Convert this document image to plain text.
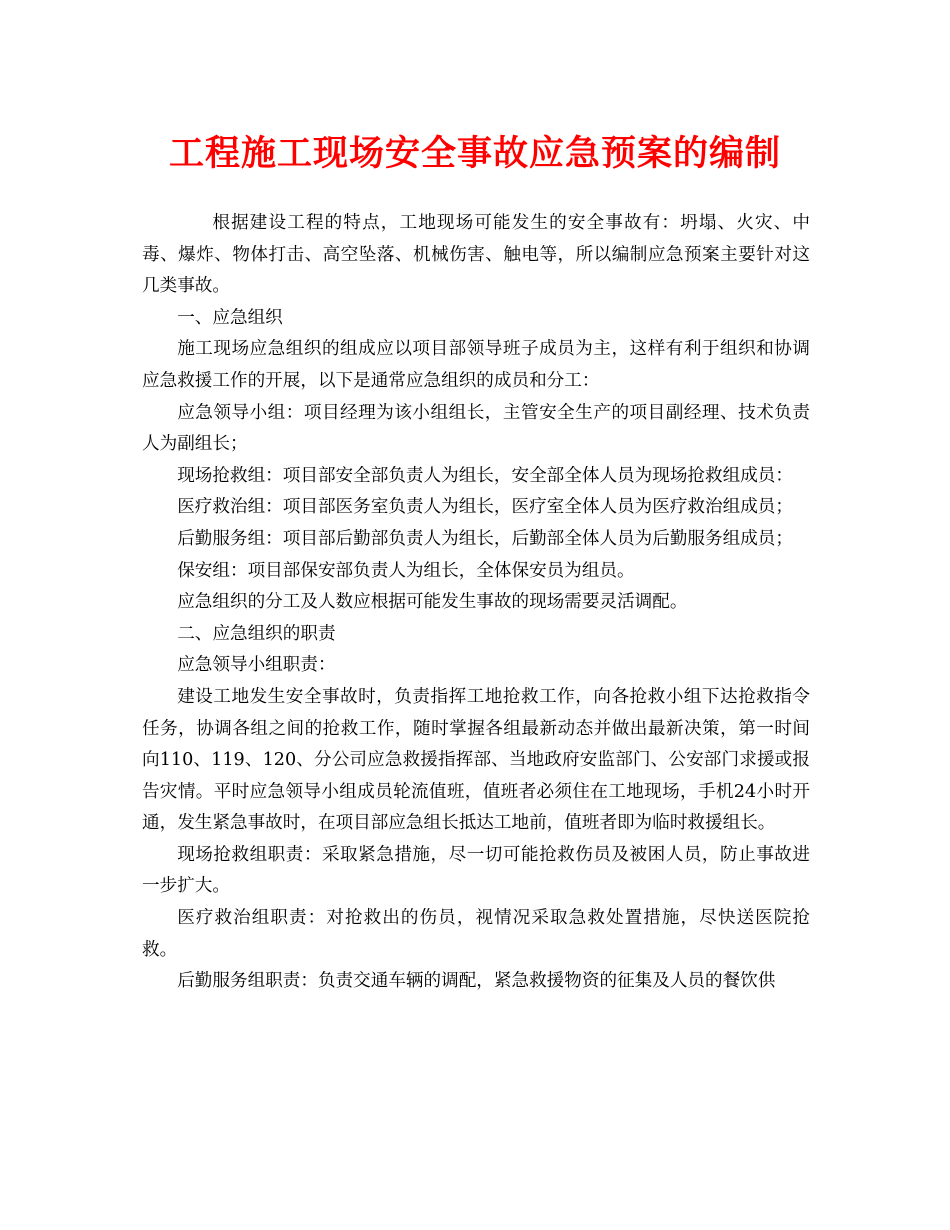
工程施工现场安全事故应急预案的编制

根据建设工程的特点，工地现场可能发生的安全事故有：坍塌、火灾、中毒、爆炸、物体打击、高空坠落、机械伤害、触电等，所以编制应急预案主要针对这几类事故。

一、应急组织

施工现场应急组织的组成应以项目部领导班子成员为主，这样有利于组织和协调应急救援工作的开展，以下是通常应急组织的成员和分工：

应急领导小组：项目经理为该小组组长，主管安全生产的项目副经理、技术负责人为副组长；

现场抢救组：项目部安全部负责人为组长，安全部全体人员为现场抢救组成员：

医疗救治组：项目部医务室负责人为组长，医疗室全体人员为医疗救治组成员；

后勤服务组：项目部后勤部负责人为组长，后勤部全体人员为后勤服务组成员；

保安组：项目部保安部负责人为组长，全体保安员为组员。

应急组织的分工及人数应根据可能发生事故的现场需要灵活调配。

二、应急组织的职责

应急领导小组职责：

建设工地发生安全事故时，负责指挥工地抢救工作，向各抢救小组下达抢救指令任务，协调各组之间的抢救工作，随时掌握各组最新动态并做出最新决策，第一时间向110、119、120、分公司应急救援指挥部、当地政府安监部门、公安部门求援或报告灾情。平时应急领导小组成员轮流值班，值班者必须住在工地现场，手机24小时开通，发生紧急事故时，在项目部应急组长抵达工地前，值班者即为临时救援组长。

现场抢救组职责：采取紧急措施，尽一切可能抢救伤员及被困人员，防止事故进一步扩大。

医疗救治组职责：对抢救出的伤员，视情况采取急救处置措施，尽快送医院抢救。

后勤服务组职责：负责交通车辆的调配，紧急救援物资的征集及人员的餐饮供
